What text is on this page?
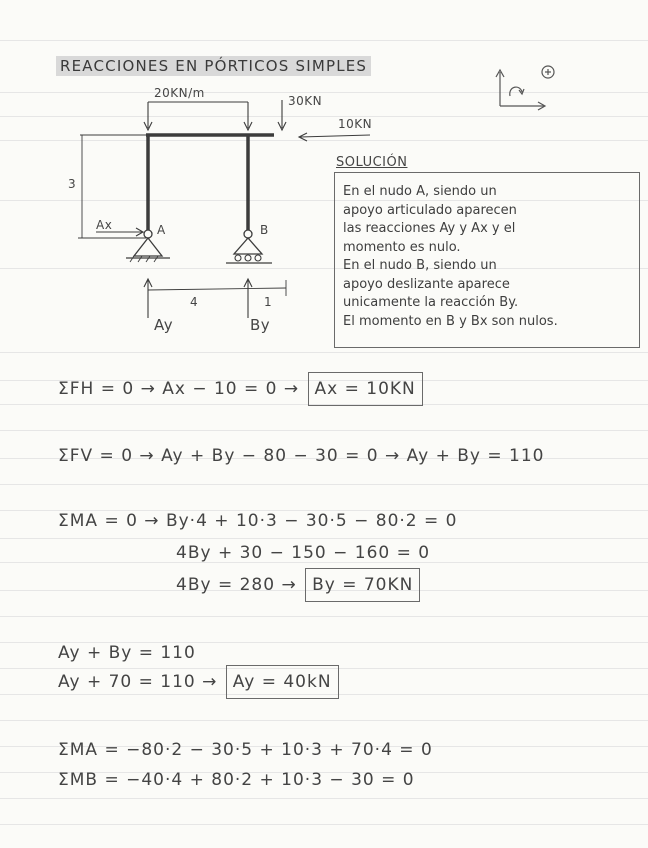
REACCIONES EN PÓRTICOS SIMPLES
20KN/m
30KN
10KN
3
Ax	A	B
4	1
Ay	By
SOLUCIÓN
En el nudo A, siendo un
apoyo articulado aparecen
las reacciones Ay y Ax y el
momento es nulo.
En el nudo B, siendo un
apoyo deslizante aparece
unicamente la reacción By.
El momento en B y Bx son nulos.
ΣFH = 0 → Ax − 10 = 0 → Ax = 10KN
ΣFV = 0 → Ay + By − 80 − 30 = 0 → Ay + By = 110
ΣMA = 0 → By·4 + 10·3 − 30·5 − 80·2 = 0
4By + 30 − 150 − 160 = 0
4By = 280 → By = 70KN
Ay + By = 110
Ay + 70 = 110 → Ay = 40kN
ΣMA = −80·2 − 30·5 + 10·3 + 70·4 = 0
ΣMB = −40·4 + 80·2 + 10·3 − 30 = 0
